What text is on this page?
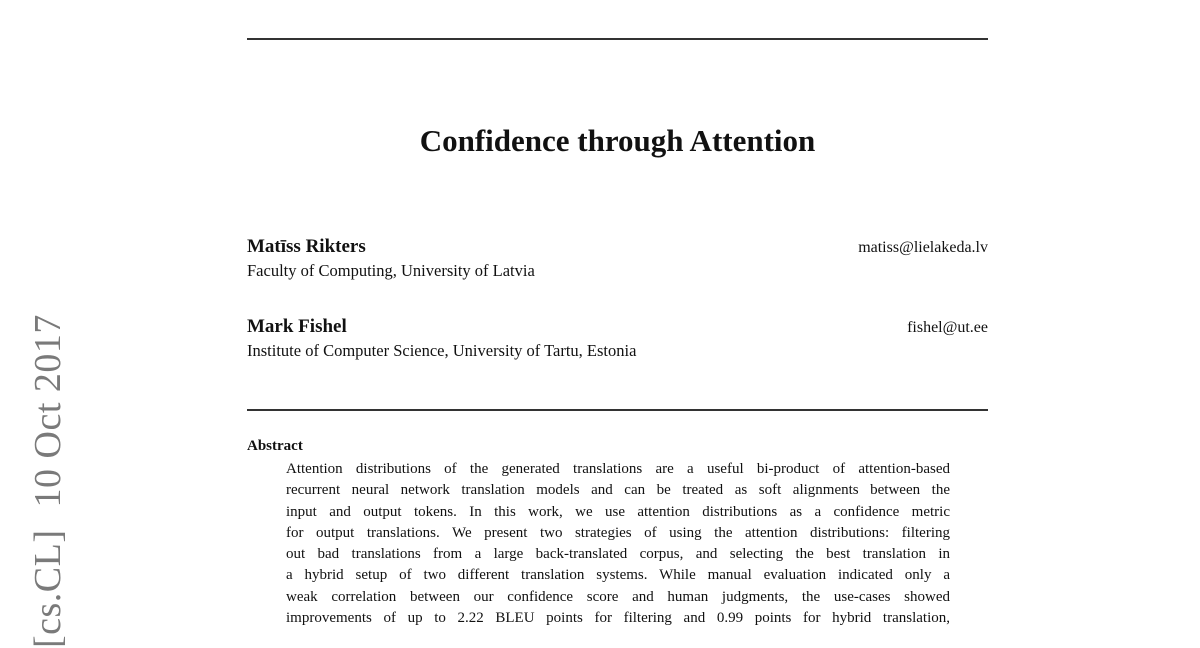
[cs.CL]10 Oct 2017
Confidence through Attention
Matīss Rikters	matiss@lielakeda.lv
Faculty of Computing, University of Latvia
Mark Fishel	fishel@ut.ee
Institute of Computer Science, University of Tartu, Estonia
Abstract
Attention distributions of the generated translations are a useful bi-product of attention-based
recurrent neural network translation models and can be treated as soft alignments between the
input and output tokens. In this work, we use attention distributions as a confidence metric
for output translations. We present two strategies of using the attention distributions: filtering
out bad translations from a large back-translated corpus, and selecting the best translation in
a hybrid setup of two different translation systems. While manual evaluation indicated only a
weak correlation between our confidence score and human judgments, the use-cases showed
improvements of up to 2.22 BLEU points for filtering and 0.99 points for hybrid translation,
